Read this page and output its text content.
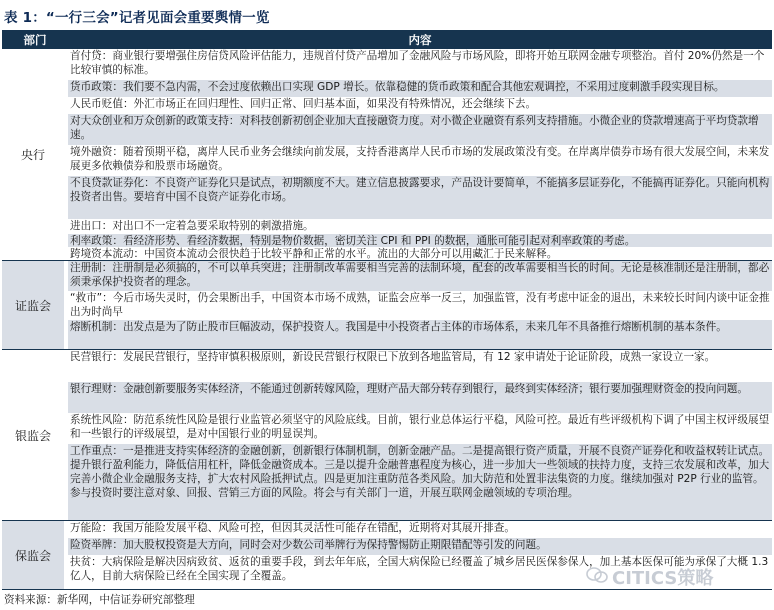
表 1：“一行三会”记者见面会重要舆情一览
部门	内容
央行
首付贷：商业银行要增强住房信贷风险评估能力，违规首付贷产品增加了金融风险与市场风险，即将开始互联网金融专项整治。首付 20%仍然是一个比较审慎的标准。
货币政策：我们要不急内需，不会过度依赖出口实现 GDP 增长。依靠稳健的货币政策和配合其他宏观调控，不采用过度刺激手段实现目标。
人民币贬值：外汇市场正在回归理性、回归正常、回归基本面，如果没有特殊情况，还会继续下去。
对大众创业和万众创新的政策支持：对科技创新初创企业加大直接融资力度。对小微企业融资有系列支持措施。小微企业的贷款增速高于平均贷款增速。
境外融资：随着预期平稳，离岸人民币业务会继续向前发展，支持香港离岸人民币市场的发展政策没有变。在岸离岸债券市场有很大发展空间，未来发展更多依赖债券和股票市场融资。
不良贷款证券化：不良资产证券化只是试点，初期额度不大。建立信息披露要求，产品设计要简单，不能搞多层证券化，不能搞再证券化。只能向机构投资者出售。要培育中国不良资产证券化市场。
进出口：对出口不一定着急要采取特别的刺激措施。
利率政策：看经济形势、看经济数据，特别是物价数据，密切关注 CPI 和 PPI 的数据，通胀可能引起对利率政策的考虑。
跨境资本流动：中国资本流动会很快趋于比较平静和正常的水平。流出的大部分可以用藏汇于民来解释。
证监会
注册制：注册制是必须搞的，不可以单兵突进；注册制改革需要相当完善的法制环境，配套的改革需要相当长的时间。无论是核准制还是注册制，都必须秉承保护投资者的理念。
“救市”：今后市场失灵时，仍会果断出手，中国资本市场不成熟，证监会应举一反三，加强监管，没有考虑中证金的退出，未来较长时间内谈中证金推出为时尚早
熔断机制：出发点是为了防止股市巨幅波动，保护投资人。我国是中小投资者占主体的市场体系，未来几年不具备推行熔断机制的基本条件。
银监会
民营银行：发展民营银行，坚持审慎积极原则，新设民营银行权限已下放到各地监管局，有 12 家申请处于论证阶段，成熟一家设立一家。
银行理财：金融创新要服务实体经济，不能通过创新转嫁风险，理财产品大部分转存到银行，最终到实体经济；银行要加强理财资金的投向问题。
系统性风险：防范系统性风险是银行业监管必须坚守的风险底线。目前，银行业总体运行平稳，风险可控。最近有些评级机构下调了中国主权评级展望和一些银行的评级展望，是对中国银行业的明显误判。
工作重点：一是推进支持实体经济的金融创新，创新银行体制机制，创新金融产品。二是提高银行资产质量，开展不良资产证券化和收益权转让试点。提升银行盈利能力，降低信用杠杆，降低金融资成本。三是以提升金融普惠程度为核心，进一步加大一些领域的扶持力度，支持三农发展和改革，加大完善小微企业金融服务支持，扩大农村风险抵押试点。四是更加注重防范各类风险。加大防范和处置非法集资的力度。继续加强对 P2P 行业的监管。参与投资时要注意对象、回报、营销三方面的风险。将会与有关部门一道，开展互联网金融领域的专项治理。
保监会
万能险：我国万能险发展平稳、风险可控，但因其灵活性可能存在错配，近期将对其展开排查。
险资举牌：加大股权投资是大方向，同时会对少数公司举牌行为保持警惕防止期限错配等引发的问题。
扶贫：大病保险是解决因病致贫、返贫的重要手段，到去年年底，全国大病保险已经覆盖了城乡居民医保参保人，加上基本医保可能为承保了大概 1.3 亿人，目前大病保险已经在全国实现了全覆盖。	CITICS策略
资料来源：新华网，中信证券研究部整理
